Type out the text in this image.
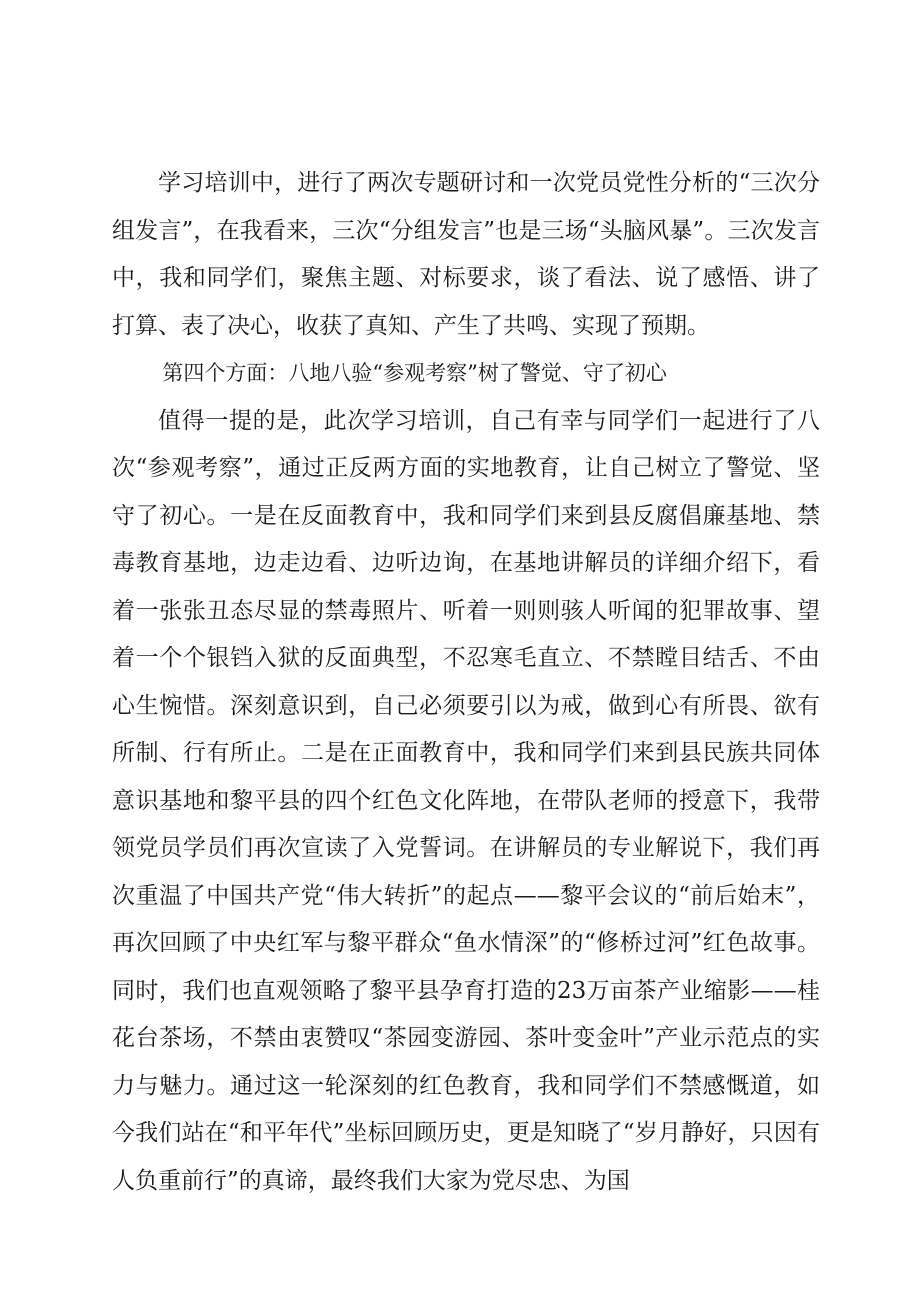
学习培训中，进行了两次专题研讨和一次党员党性分析的“三次分组发言”，在我看来，三次“分组发言”也是三场“头脑风暴”。三次发言中，我和同学们，聚焦主题、对标要求，谈了看法、说了感悟、讲了打算、表了决心，收获了真知、产生了共鸣、实现了预期。

第四个方面：八地八验“参观考察”树了警觉、守了初心

值得一提的是，此次学习培训，自己有幸与同学们一起进行了八次“参观考察”，通过正反两方面的实地教育，让自己树立了警觉、坚守了初心。一是在反面教育中，我和同学们来到县反腐倡廉基地、禁毒教育基地，边走边看、边听边询，在基地讲解员的详细介绍下，看着一张张丑态尽显的禁毒照片、听着一则则骇人听闻的犯罪故事、望着一个个银铛入狱的反面典型，不忍寒毛直立、不禁瞠目结舌、不由心生惋惜。深刻意识到，自己必须要引以为戒，做到心有所畏、欲有所制、行有所止。二是在正面教育中，我和同学们来到县民族共同体意识基地和黎平县的四个红色文化阵地，在带队老师的授意下，我带领党员学员们再次宣读了入党誓词。在讲解员的专业解说下，我们再次重温了中国共产党“伟大转折”的起点——黎平会议的“前后始末”，再次回顾了中央红军与黎平群众“鱼水情深”的“修桥过河”红色故事。同时，我们也直观领略了黎平县孕育打造的23万亩茶产业缩影——桂花台茶场，不禁由衷赞叹“茶园变游园、茶叶变金叶”产业示范点的实力与魅力。通过这一轮深刻的红色教育，我和同学们不禁感慨道，如今我们站在“和平年代”坐标回顾历史，更是知晓了“岁月静好，只因有人负重前行”的真谛，最终我们大家为党尽忠、为国
